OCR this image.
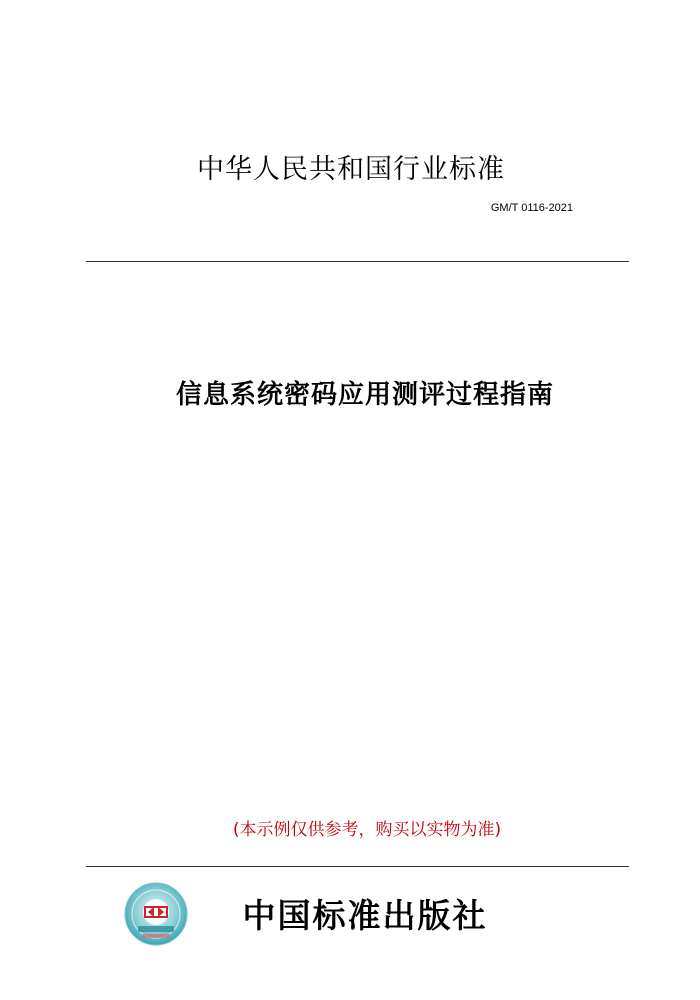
中华人民共和国行业标准
GM/T 0116-2021
信息系统密码应用测评过程指南
(本示例仅供参考，购买以实物为准)
中国标准出版社
